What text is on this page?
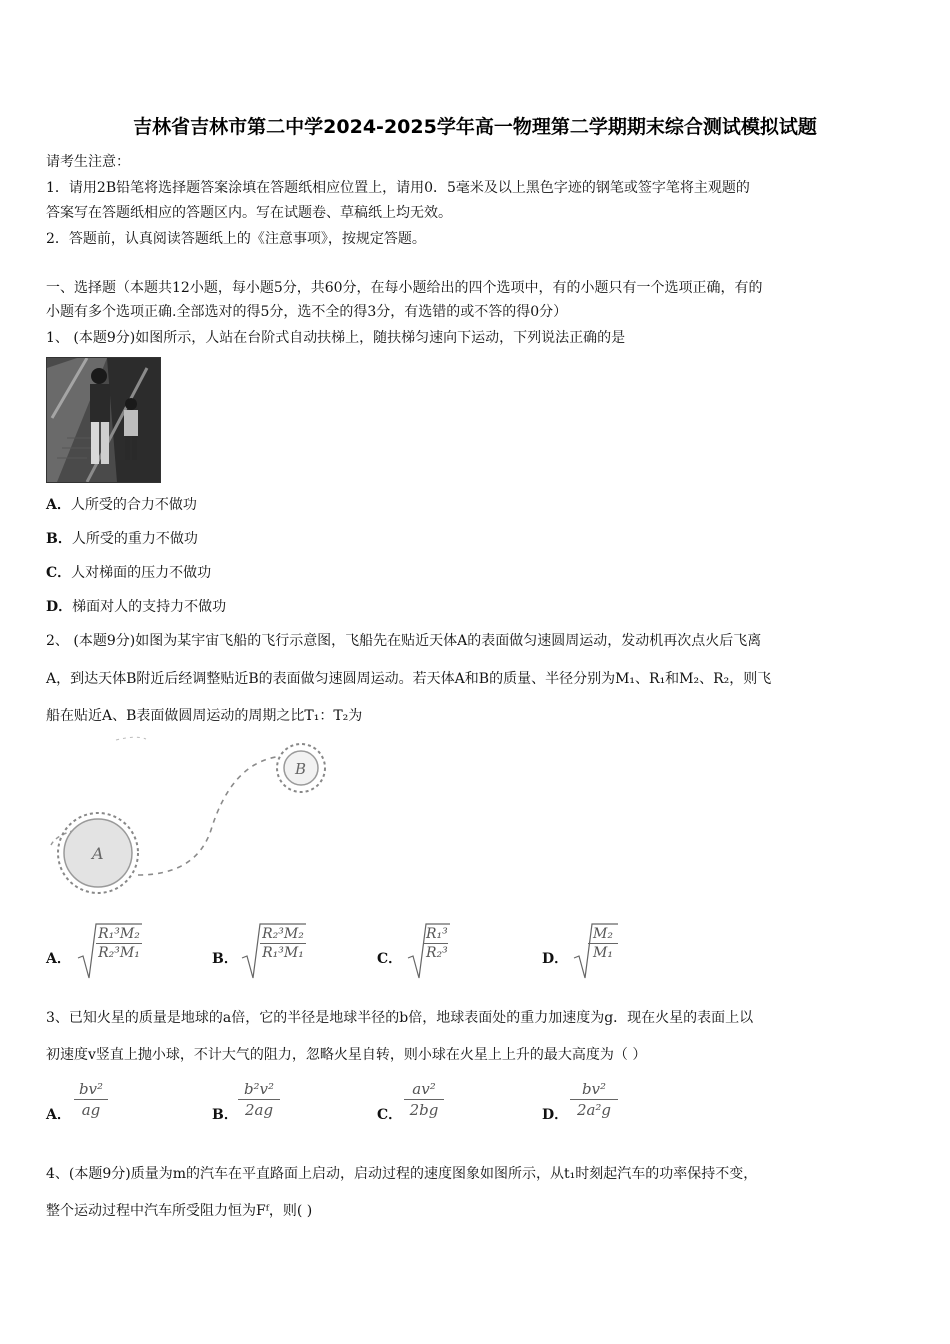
吉林省吉林市第二中学2024-2025学年高一物理第二学期期末综合测试模拟试题
请考生注意：
1．请用2B铅笔将选择题答案涂填在答题纸相应位置上，请用0．5毫米及以上黑色字迹的钢笔或签字笔将主观题的
答案写在答题纸相应的答题区内。写在试题卷、草稿纸上均无效。
2．答题前，认真阅读答题纸上的《注意事项》，按规定答题。
一、选择题（本题共12小题，每小题5分，共60分，在每小题给出的四个选项中，有的小题只有一个选项正确，有的
小题有多个选项正确.全部选对的得5分，选不全的得3分，有选错的或不答的得0分）
1、 (本题9分)如图所示，人站在台阶式自动扶梯上，随扶梯匀速向下运动，下列说法正确的是
A．人所受的合力不做功
B．人所受的重力不做功
C．人对梯面的压力不做功
D．梯面对人的支持力不做功
2、 (本题9分)如图为某宇宙飞船的飞行示意图，飞船先在贴近天体A的表面做匀速圆周运动，发动机再次点火后飞离
A，到达天体B附近后经调整贴近B的表面做匀速圆周运动。若天体A和B的质量、半径分别为M₁、R₁和M₂、R₂，则飞
船在贴近A、B表面做圆周运动的周期之比T₁：T₂为
A
B
A．
R₁³M₂
R₂³M₁	B．
R₂³M₂
R₁³M₁	C．
R₁³
R₂³	D．
M₂
M₁
3、已知火星的质量是地球的a倍，它的半径是地球半径的b倍，地球表面处的重力加速度为g．现在火星的表面上以
初速度v竖直上抛小球，不计大气的阻力，忽略火星自转，则小球在火星上上升的最大高度为（ ）
A．
bv²
ag	B．
b²v²
2ag	C．
av²
2bg	D．
bv²
2a²g
4、(本题9分)质量为m的汽车在平直路面上启动，启动过程的速度图象如图所示，从t₁时刻起汽车的功率保持不变，
整个运动过程中汽车所受阻力恒为Fᶠ，则( )
